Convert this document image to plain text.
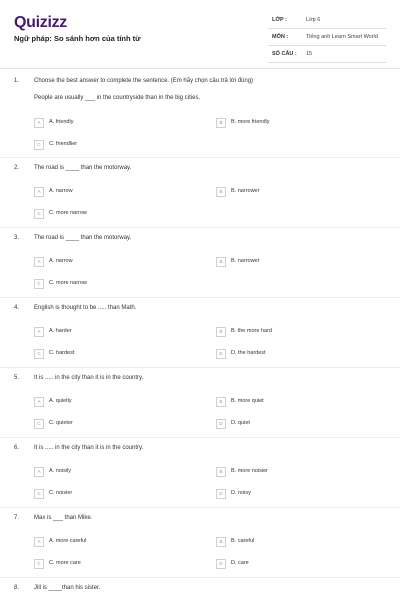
Quizizz
Ngữ pháp: So sánh hơn của tính từ
LỚP :	Lớp 6
MÔN :	Tiếng anh Learn Smart World
SỐ CÂU : 15
1. Choose the best answer to complete the sentence. (Em hãy chọn câu trả lời đúng)
People are usually ___ in the countryside than in the big cities.
A	A. friendly	B	B. more friendly
C	C. friendlier
2. The road is ____ than the motorway.
A	A. narrow	B	B. narrower
C	C. more narrow
3. The road is ____ than the motorway.
A	A. narrow	B	B. narrower
C	C. more narrow
4. English is thought to be ..... than Math.
A	A. harder	B	B. the more hard
C	C. hardest	D	D. the hardest
5. It is ..... in the city than it is in the country.
A	A. quietly	B	B. more quiet
C	C. quieter	D	D. quiet
6. It is ..... in the city than it is in the country.
A	A. noisily	B	B. more noisier
C	C. noisier	D	D. noisy
7. Max is ___ than Mike.
A	A. more careful	B	B. careful
C	C. more care	D	D. care
8. Jill is ____than his sister.
